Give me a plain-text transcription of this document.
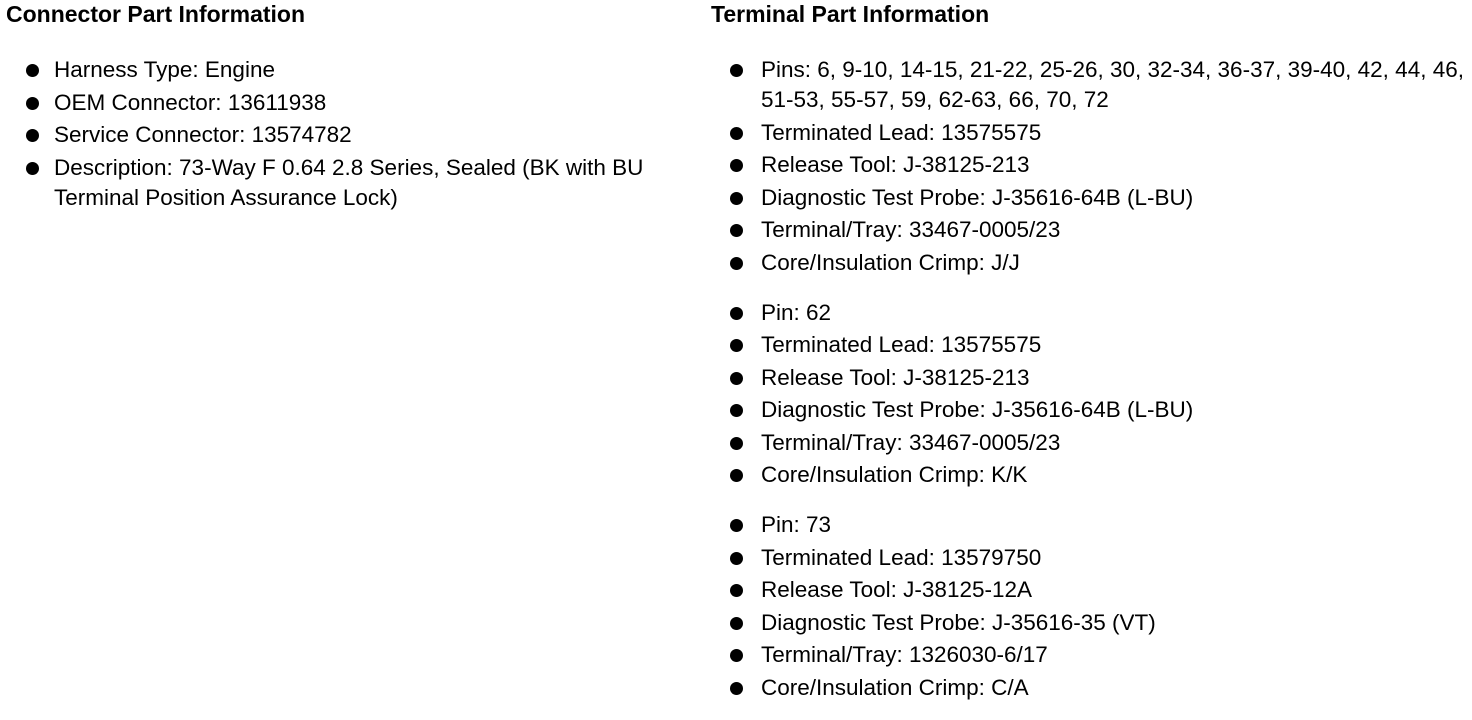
Connector Part Information
Harness Type: Engine
OEM Connector: 13611938
Service Connector: 13574782
Description: 73-Way F 0.64 2.8 Series, Sealed (BK with BU Terminal Position Assurance Lock)
Terminal Part Information
Pins: 6, 9-10, 14-15, 21-22, 25-26, 30, 32-34, 36-37, 39-40, 42, 44, 46, 51-53, 55-57, 59, 62-63, 66, 70, 72
Terminated Lead: 13575575
Release Tool: J-38125-213
Diagnostic Test Probe: J-35616-64B (L-BU)
Terminal/Tray: 33467-0005/23
Core/Insulation Crimp: J/J
Pin: 62
Terminated Lead: 13575575
Release Tool: J-38125-213
Diagnostic Test Probe: J-35616-64B (L-BU)
Terminal/Tray: 33467-0005/23
Core/Insulation Crimp: K/K
Pin: 73
Terminated Lead: 13579750
Release Tool: J-38125-12A
Diagnostic Test Probe: J-35616-35 (VT)
Terminal/Tray: 1326030-6/17
Core/Insulation Crimp: C/A
